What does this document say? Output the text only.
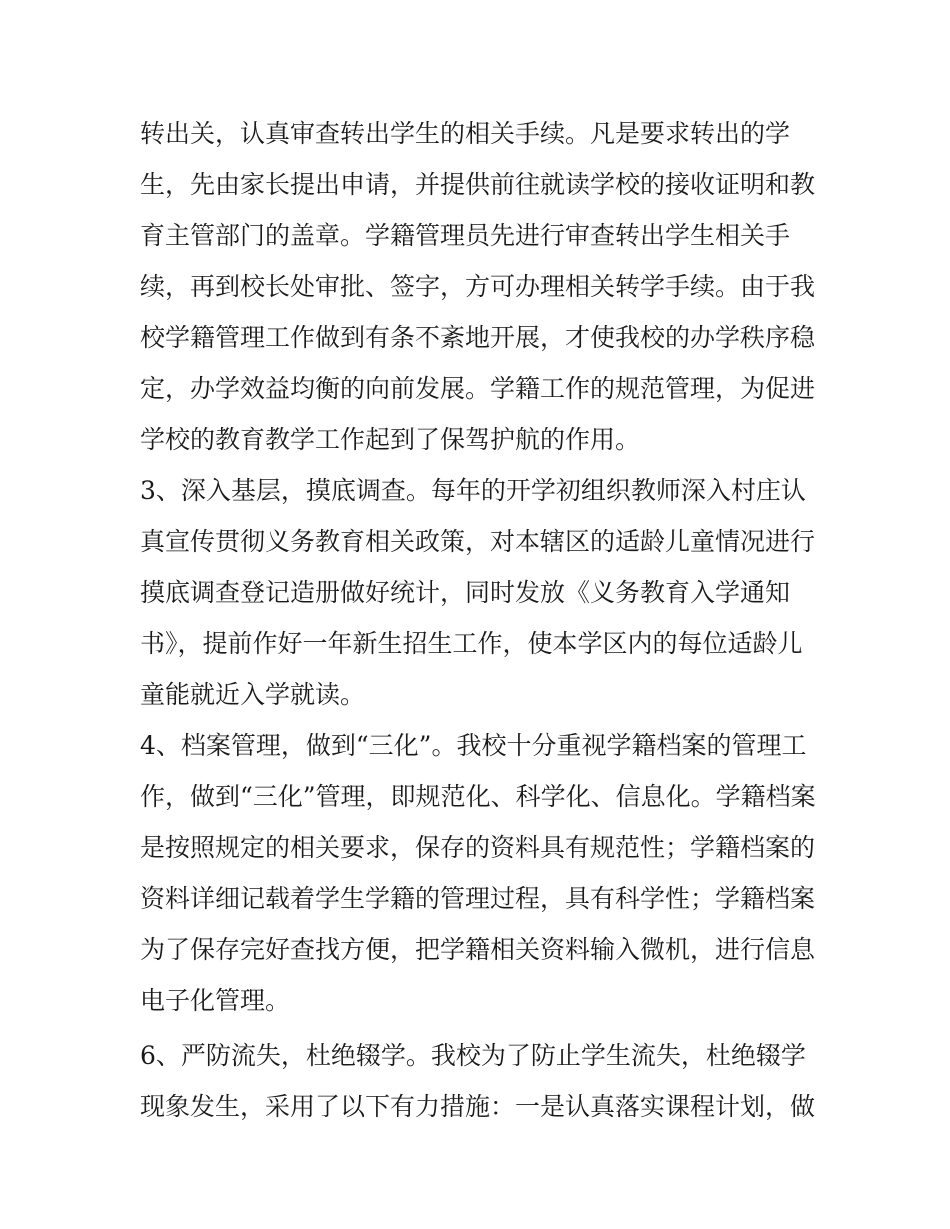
转出关，认真审查转出学生的相关手续。凡是要求转出的学
生，先由家长提出申请，并提供前往就读学校的接收证明和教
育主管部门的盖章。学籍管理员先进行审查转出学生相关手
续，再到校长处审批、签字，方可办理相关转学手续。由于我
校学籍管理工作做到有条不紊地开展，才使我校的办学秩序稳
定，办学效益均衡的向前发展。学籍工作的规范管理，为促进
学校的教育教学工作起到了保驾护航的作用。
3、深入基层，摸底调查。每年的开学初组织教师深入村庄认
真宣传贯彻义务教育相关政策，对本辖区的适龄儿童情况进行
摸底调查登记造册做好统计，同时发放《义务教育入学通知
书》，提前作好一年新生招生工作，使本学区内的每位适龄儿
童能就近入学就读。
4、档案管理，做到“三化”。我校十分重视学籍档案的管理工
作，做到“三化”管理，即规范化、科学化、信息化。学籍档案
是按照规定的相关要求，保存的资料具有规范性；学籍档案的
资料详细记载着学生学籍的管理过程，具有科学性；学籍档案
为了保存完好查找方便，把学籍相关资料输入微机，进行信息
电子化管理。
6、严防流失，杜绝辍学。我校为了防止学生流失，杜绝辍学
现象发生，采用了以下有力措施：一是认真落实课程计划，做
